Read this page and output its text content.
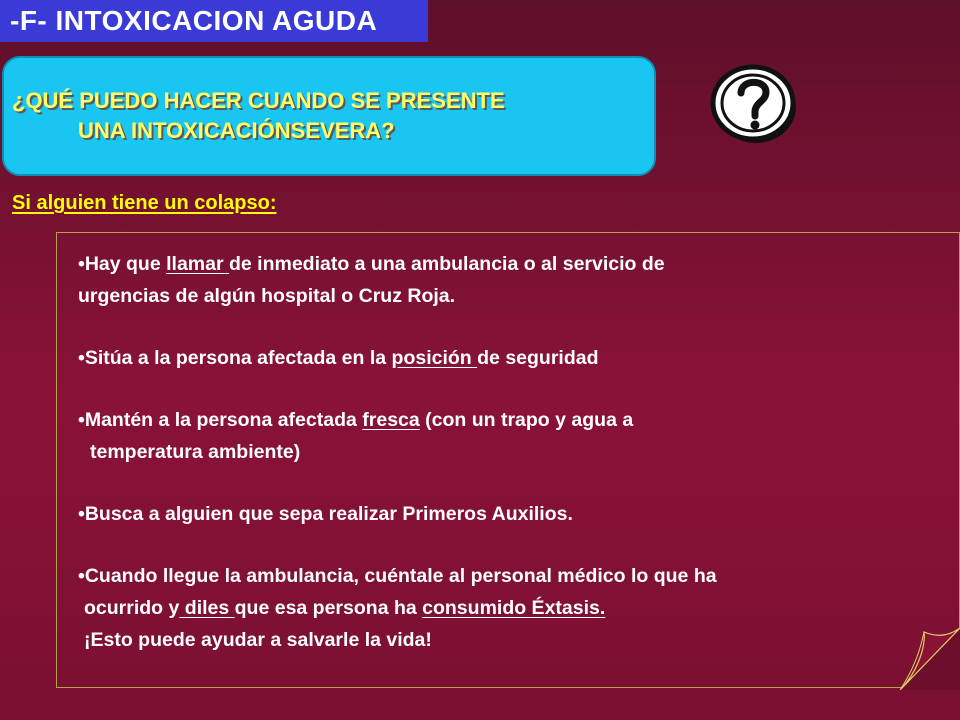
-F- INTOXICACION AGUDA
¿QUÉ PUEDO HACER CUANDO SE PRESENTE
UNA INTOXICACIÓNSEVERA?
Si alguien tiene un colapso:

•Hay que llamar de inmediato a una ambulancia o al servicio de

urgencias de algún hospital o Cruz Roja.

•Sitúa a la persona afectada en la posición de seguridad

•Mantén a la persona afectada fresca (con un trapo y agua a

temperatura ambiente)

•Busca a alguien que sepa realizar Primeros Auxilios.

•Cuando llegue la ambulancia, cuéntale al personal médico lo que ha

ocurrido y diles que esa persona ha consumido Éxtasis.

¡Esto puede ayudar a salvarle la vida!
